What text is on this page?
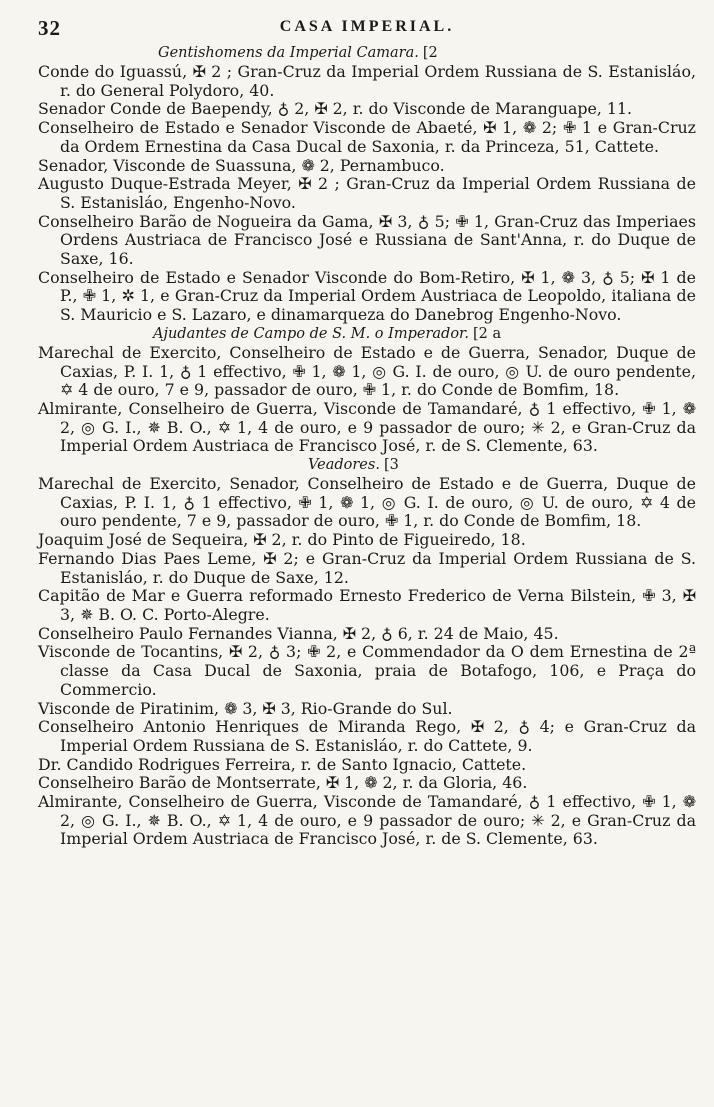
32	CASA IMPERIAL.
Gentishomens da Imperial Camara. [2

Conde do Iguassú, ✠ 2 ; Gran-Cruz da Imperial Ordem Russiana de S. Estanisláo, r. do General Polydoro, 40.

Senador Conde de Baependy, ♁ 2, ✠ 2, r. do Visconde de Maranguape, 11.

Conselheiro de Estado e Senador Visconde de Abaeté, ✠ 1, ❁ 2; ✙ 1 e Gran-Cruz da Ordem Ernestina da Casa Ducal de Saxonia, r. da Princeza, 51, Cattete.

Senador, Visconde de Suassuna, ❁ 2, Pernambuco.

Augusto Duque-Estrada Meyer, ✠ 2 ; Gran-Cruz da Imperial Ordem Russiana de S. Estanisláo, Engenho-Novo.

Conselheiro Barão de Nogueira da Gama, ✠ 3, ♁ 5; ✙ 1, Gran-Cruz das Imperiaes Ordens Austriaca de Francisco José e Russiana de Sant'Anna, r. do Duque de Saxe, 16.

Conselheiro de Estado e Senador Visconde do Bom-Retiro, ✠ 1, ❁ 3, ♁ 5; ✠ 1 de P., ✙ 1, ✲ 1, e Gran-Cruz da Imperial Ordem Austriaca de Leopoldo, italiana de S. Mauricio e S. Lazaro, e dinamarqueza do Danebrog Engenho-Novo.

Ajudantes de Campo de S. M. o Imperador. [2 a

Marechal de Exercito, Conselheiro de Estado e de Guerra, Senador, Duque de Caxias, P. I. 1, ♁ 1 effectivo, ✙ 1, ❁ 1, ◎ G. I. de ouro, ◎ U. de ouro pendente, ✡ 4 de ouro, 7 e 9, passador de ouro, ✙ 1, r. do Conde de Bomfim, 18.

Almirante, Conselheiro de Guerra, Visconde de Tamandaré, ♁ 1 effectivo, ✙ 1, ❁ 2, ◎ G. I., ✵ B. O., ✡ 1, 4 de ouro, e 9 passador de ouro; ✳ 2, e Gran-Cruz da Imperial Ordem Austriaca de Francisco José, r. de S. Clemente, 63.

Veadores. [3

Marechal de Exercito, Senador, Conselheiro de Estado e de Guerra, Duque de Caxias, P. I. 1, ♁ 1 effectivo, ✙ 1, ❁ 1, ◎ G. I. de ouro, ◎ U. de ouro, ✡ 4 de ouro pendente, 7 e 9, passador de ouro, ✙ 1, r. do Conde de Bomfim, 18.

Joaquim José de Sequeira, ✠ 2, r. do Pinto de Figueiredo, 18.

Fernando Dias Paes Leme, ✠ 2; e Gran-Cruz da Imperial Ordem Russiana de S. Estanisláo, r. do Duque de Saxe, 12.

Capitão de Mar e Guerra reformado Ernesto Frederico de Verna Bilstein, ✙ 3, ✠ 3, ✵ B. O. C. Porto-Alegre.

Conselheiro Paulo Fernandes Vianna, ✠ 2, ♁ 6, r. 24 de Maio, 45.

Visconde de Tocantins, ✠ 2, ♁ 3; ✙ 2, e Commendador da O dem Ernestina de 2ª classe da Casa Ducal de Saxonia, praia de Botafogo, 106, e Praça do Commercio.

Visconde de Piratinim, ❁ 3, ✠ 3, Rio-Grande do Sul.

Conselheiro Antonio Henriques de Miranda Rego, ✠ 2, ♁ 4; e Gran-Cruz da Imperial Ordem Russiana de S. Estanisláo, r. do Cattete, 9.

Dr. Candido Rodrigues Ferreira, r. de Santo Ignacio, Cattete.

Conselheiro Barão de Montserrate, ✠ 1, ❁ 2, r. da Gloria, 46.

Almirante, Conselheiro de Guerra, Visconde de Tamandaré, ♁ 1 effectivo, ✙ 1, ❁ 2, ◎ G. I., ✵ B. O., ✡ 1, 4 de ouro, e 9 passador de ouro; ✳ 2, e Gran-Cruz da Imperial Ordem Austriaca de Francisco José, r. de S. Clemente, 63.
